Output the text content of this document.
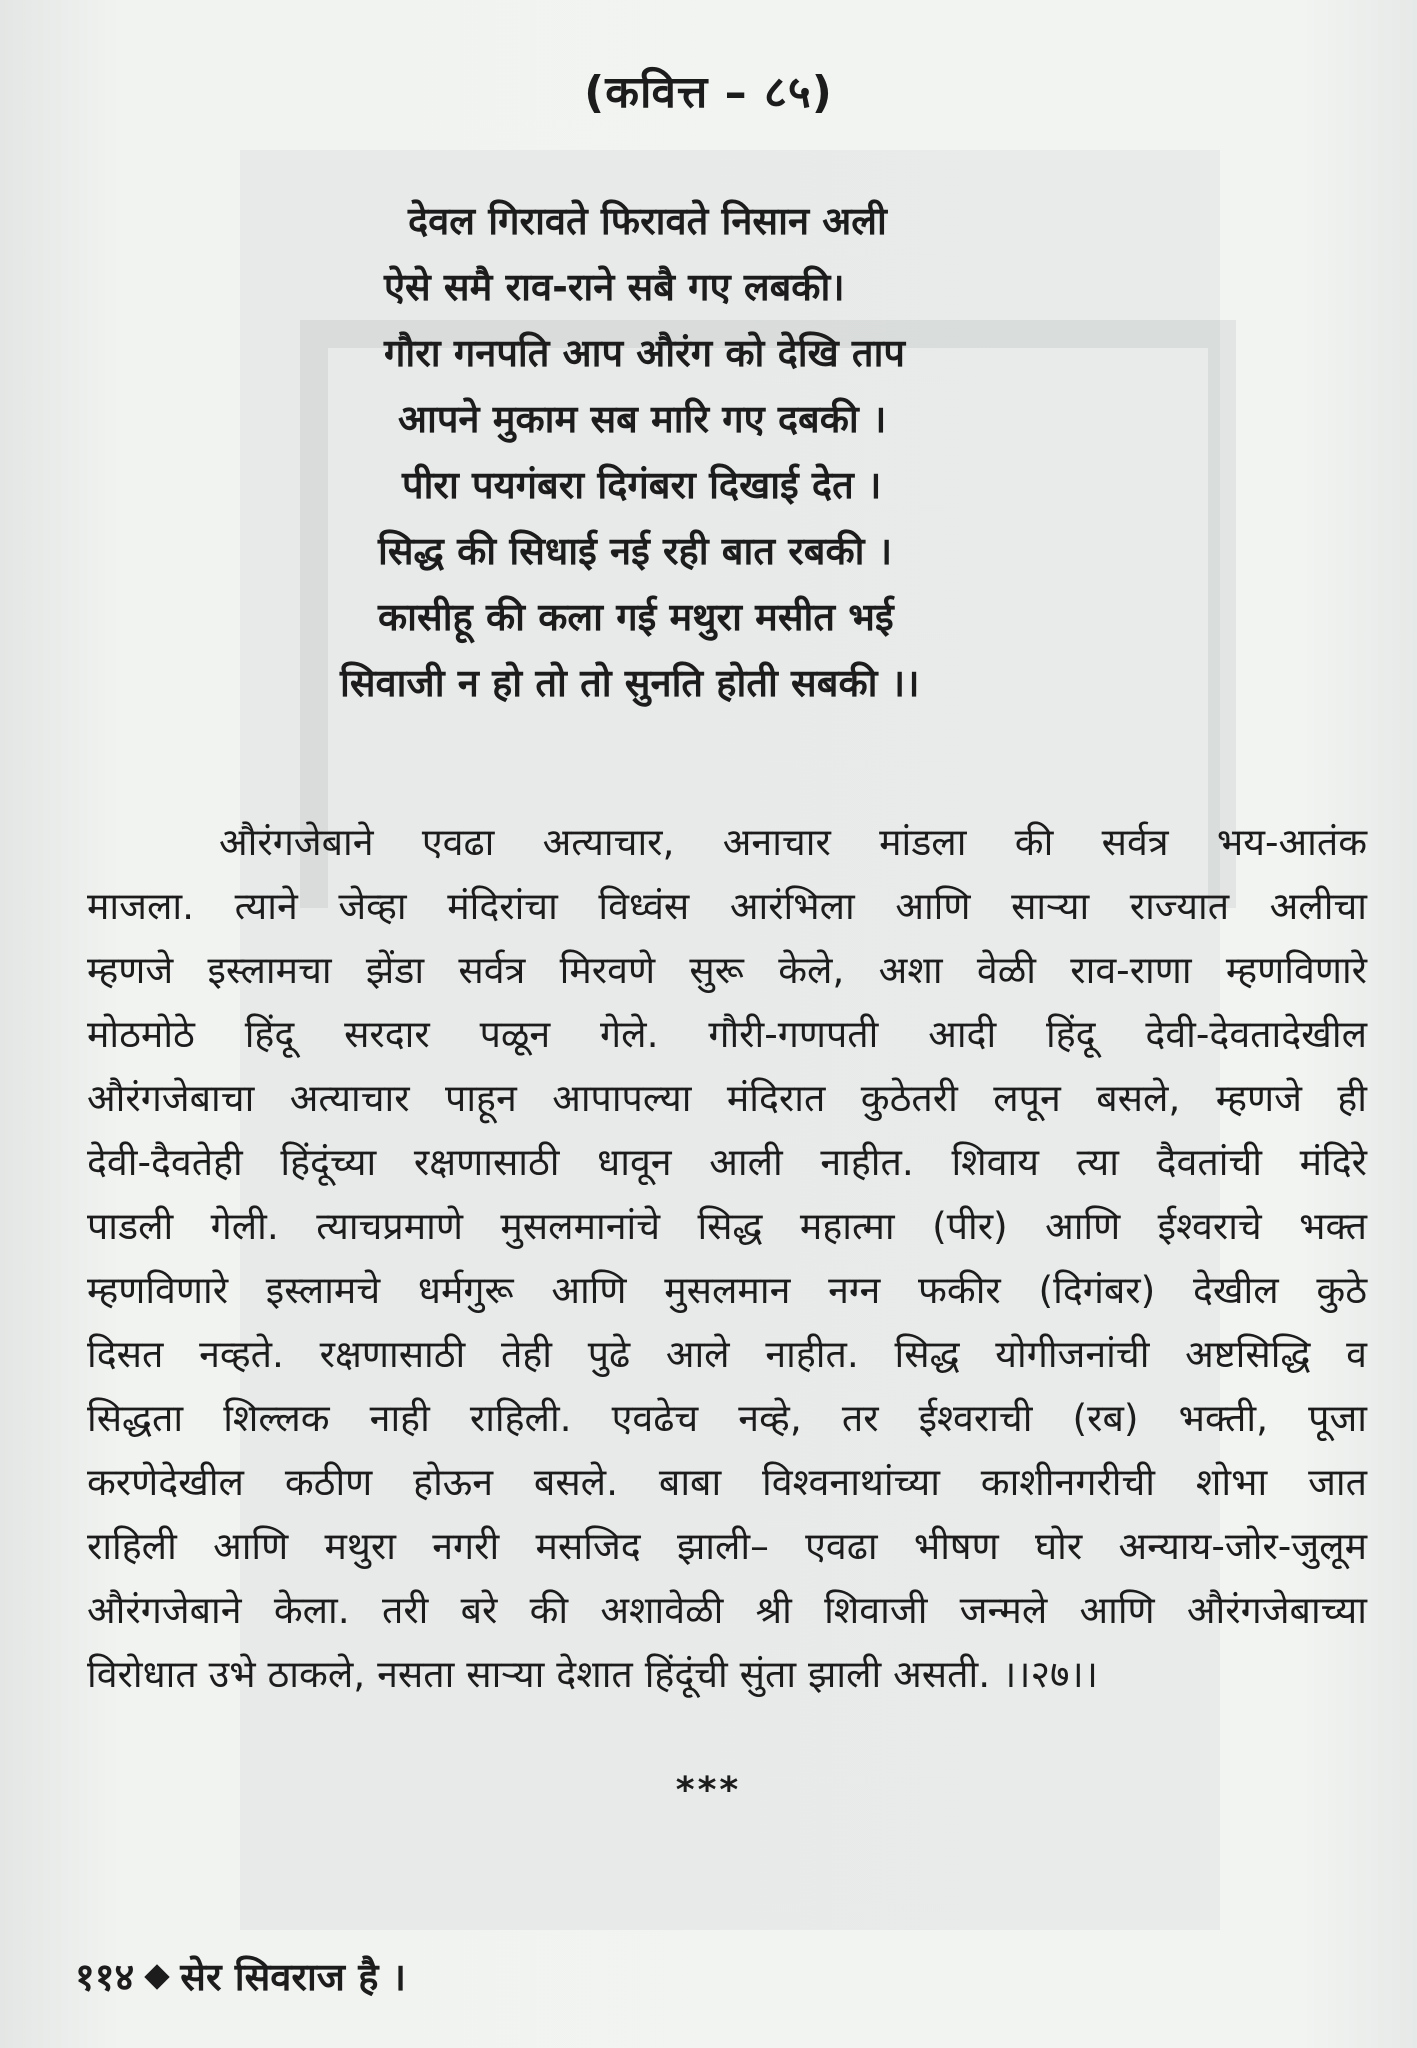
(कवित्त – ८५)
देवल गिरावते फिरावते निसान अली
ऐसे समै राव-राने सबै गए लबकी।
गौरा गनपति आप औरंग को देखि ताप
आपने मुकाम सब मारि गए दबकी ।
पीरा पयगंबरा दिगंबरा दिखाई देत ।
सिद्ध की सिधाई नई रही बात रबकी ।
कासीहू की कला गई मथुरा मसीत भई
सिवाजी न हो तो तो सुनति होती सबकी ।।
औरंगजेबाने एवढा अत्याचार, अनाचार मांडला की सर्वत्र भय-आतंक
माजला. त्याने जेव्हा मंदिरांचा विध्वंस आरंभिला आणि साऱ्या राज्यात अलीचा
म्हणजे इस्लामचा झेंडा सर्वत्र मिरवणे सुरू केले, अशा वेळी राव-राणा म्हणविणारे
मोठमोठे हिंदू सरदार पळून गेले. गौरी-गणपती आदी हिंदू देवी-देवतादेखील
औरंगजेबाचा अत्याचार पाहून आपापल्या मंदिरात कुठेतरी लपून बसले, म्हणजे ही
देवी-दैवतेही हिंदूंच्या रक्षणासाठी धावून आली नाहीत. शिवाय त्या दैवतांची मंदिरे
पाडली गेली. त्याचप्रमाणे मुसलमानांचे सिद्ध महात्मा (पीर) आणि ईश्वराचे भक्त
म्हणविणारे इस्लामचे धर्मगुरू आणि मुसलमान नग्न फकीर (दिगंबर) देखील कुठे
दिसत नव्हते. रक्षणासाठी तेही पुढे आले नाहीत. सिद्ध योगीजनांची अष्टसिद्धि व
सिद्धता शिल्लक नाही राहिली. एवढेच नव्हे, तर ईश्वराची (रब) भक्ती, पूजा
करणेदेखील कठीण होऊन बसले. बाबा विश्वनाथांच्या काशीनगरीची शोभा जात
राहिली आणि मथुरा नगरी मसजिद झाली– एवढा भीषण घोर अन्याय-जोर-जुलूम
औरंगजेबाने केला. तरी बरे की अशावेळी श्री शिवाजी जन्मले आणि औरंगजेबाच्या
विरोधात उभे ठाकले, नसता साऱ्या देशात हिंदूंची सुंता झाली असती. ।।२७।।
***
११४ सेर सिवराज है ।
